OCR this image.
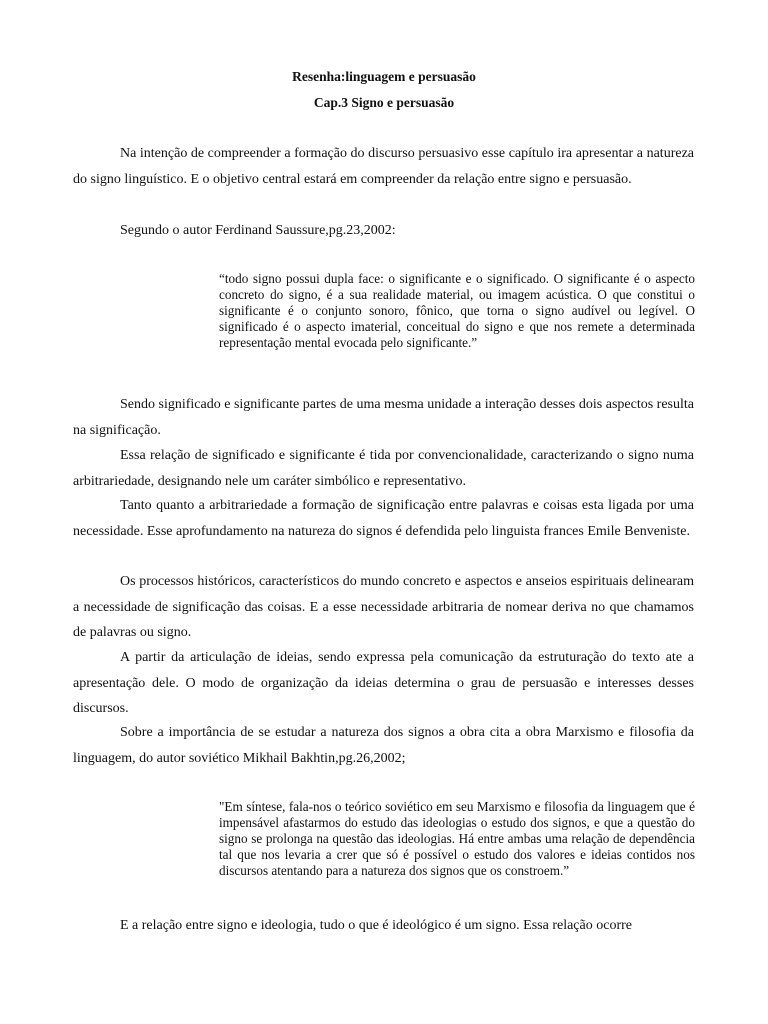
Resenha:linguagem e persuasão
Cap.3 Signo e persuasão

Na intenção de compreender a formação do discurso persuasivo esse capítulo ira apresentar a natureza do signo linguístico. E o objetivo central estará em compreender da relação entre signo e persuasão.

Segundo o autor Ferdinand Saussure,pg.23,2002:

“todo signo possui dupla face: o significante e o significado. O significante é o aspecto concreto do signo, é a sua realidade material, ou imagem acústica. O que constitui o significante é o conjunto sonoro, fônico, que torna o signo audível ou legível. O significado é o aspecto imaterial, conceitual do signo e que nos remete a determinada representação mental evocada pelo significante.”

Sendo significado e significante partes de uma mesma unidade a interação desses dois aspectos resulta na significação.

Essa relação de significado e significante é tida por convencionalidade, caracterizando o signo numa arbitrariedade, designando nele um caráter simbólico e representativo.

Tanto quanto a arbitrariedade a formação de significação entre palavras e coisas esta ligada por uma necessidade. Esse aprofundamento na natureza do signos é defendida pelo linguista frances Emile Benveniste.

Os processos históricos, característicos do mundo concreto e aspectos e anseios espirituais delinearam a necessidade de significação das coisas. E a esse necessidade arbitraria de nomear deriva no que chamamos de palavras ou signo.

A partir da articulação de ideias, sendo expressa pela comunicação da estruturação do texto ate a apresentação dele. O modo de organização da ideias determina o grau de persuasão e interesses desses discursos.

Sobre a importância de se estudar a natureza dos signos a obra cita a obra Marxismo e filosofia da linguagem, do autor soviético Mikhail Bakhtin,pg.26,2002;

"Em síntese, fala-nos o teórico soviético em seu Marxismo e filosofia da linguagem que é impensável afastarmos do estudo das ideologias o estudo dos signos, e que a questão do signo se prolonga na questão das ideologias. Há entre ambas uma relação de dependência tal que nos levaria a crer que só é possível o estudo dos valores e ideias contidos nos discursos atentando para a natureza dos signos que os constroem.”

E a relação entre signo e ideologia, tudo o que é ideológico é um signo. Essa relação ocorre
